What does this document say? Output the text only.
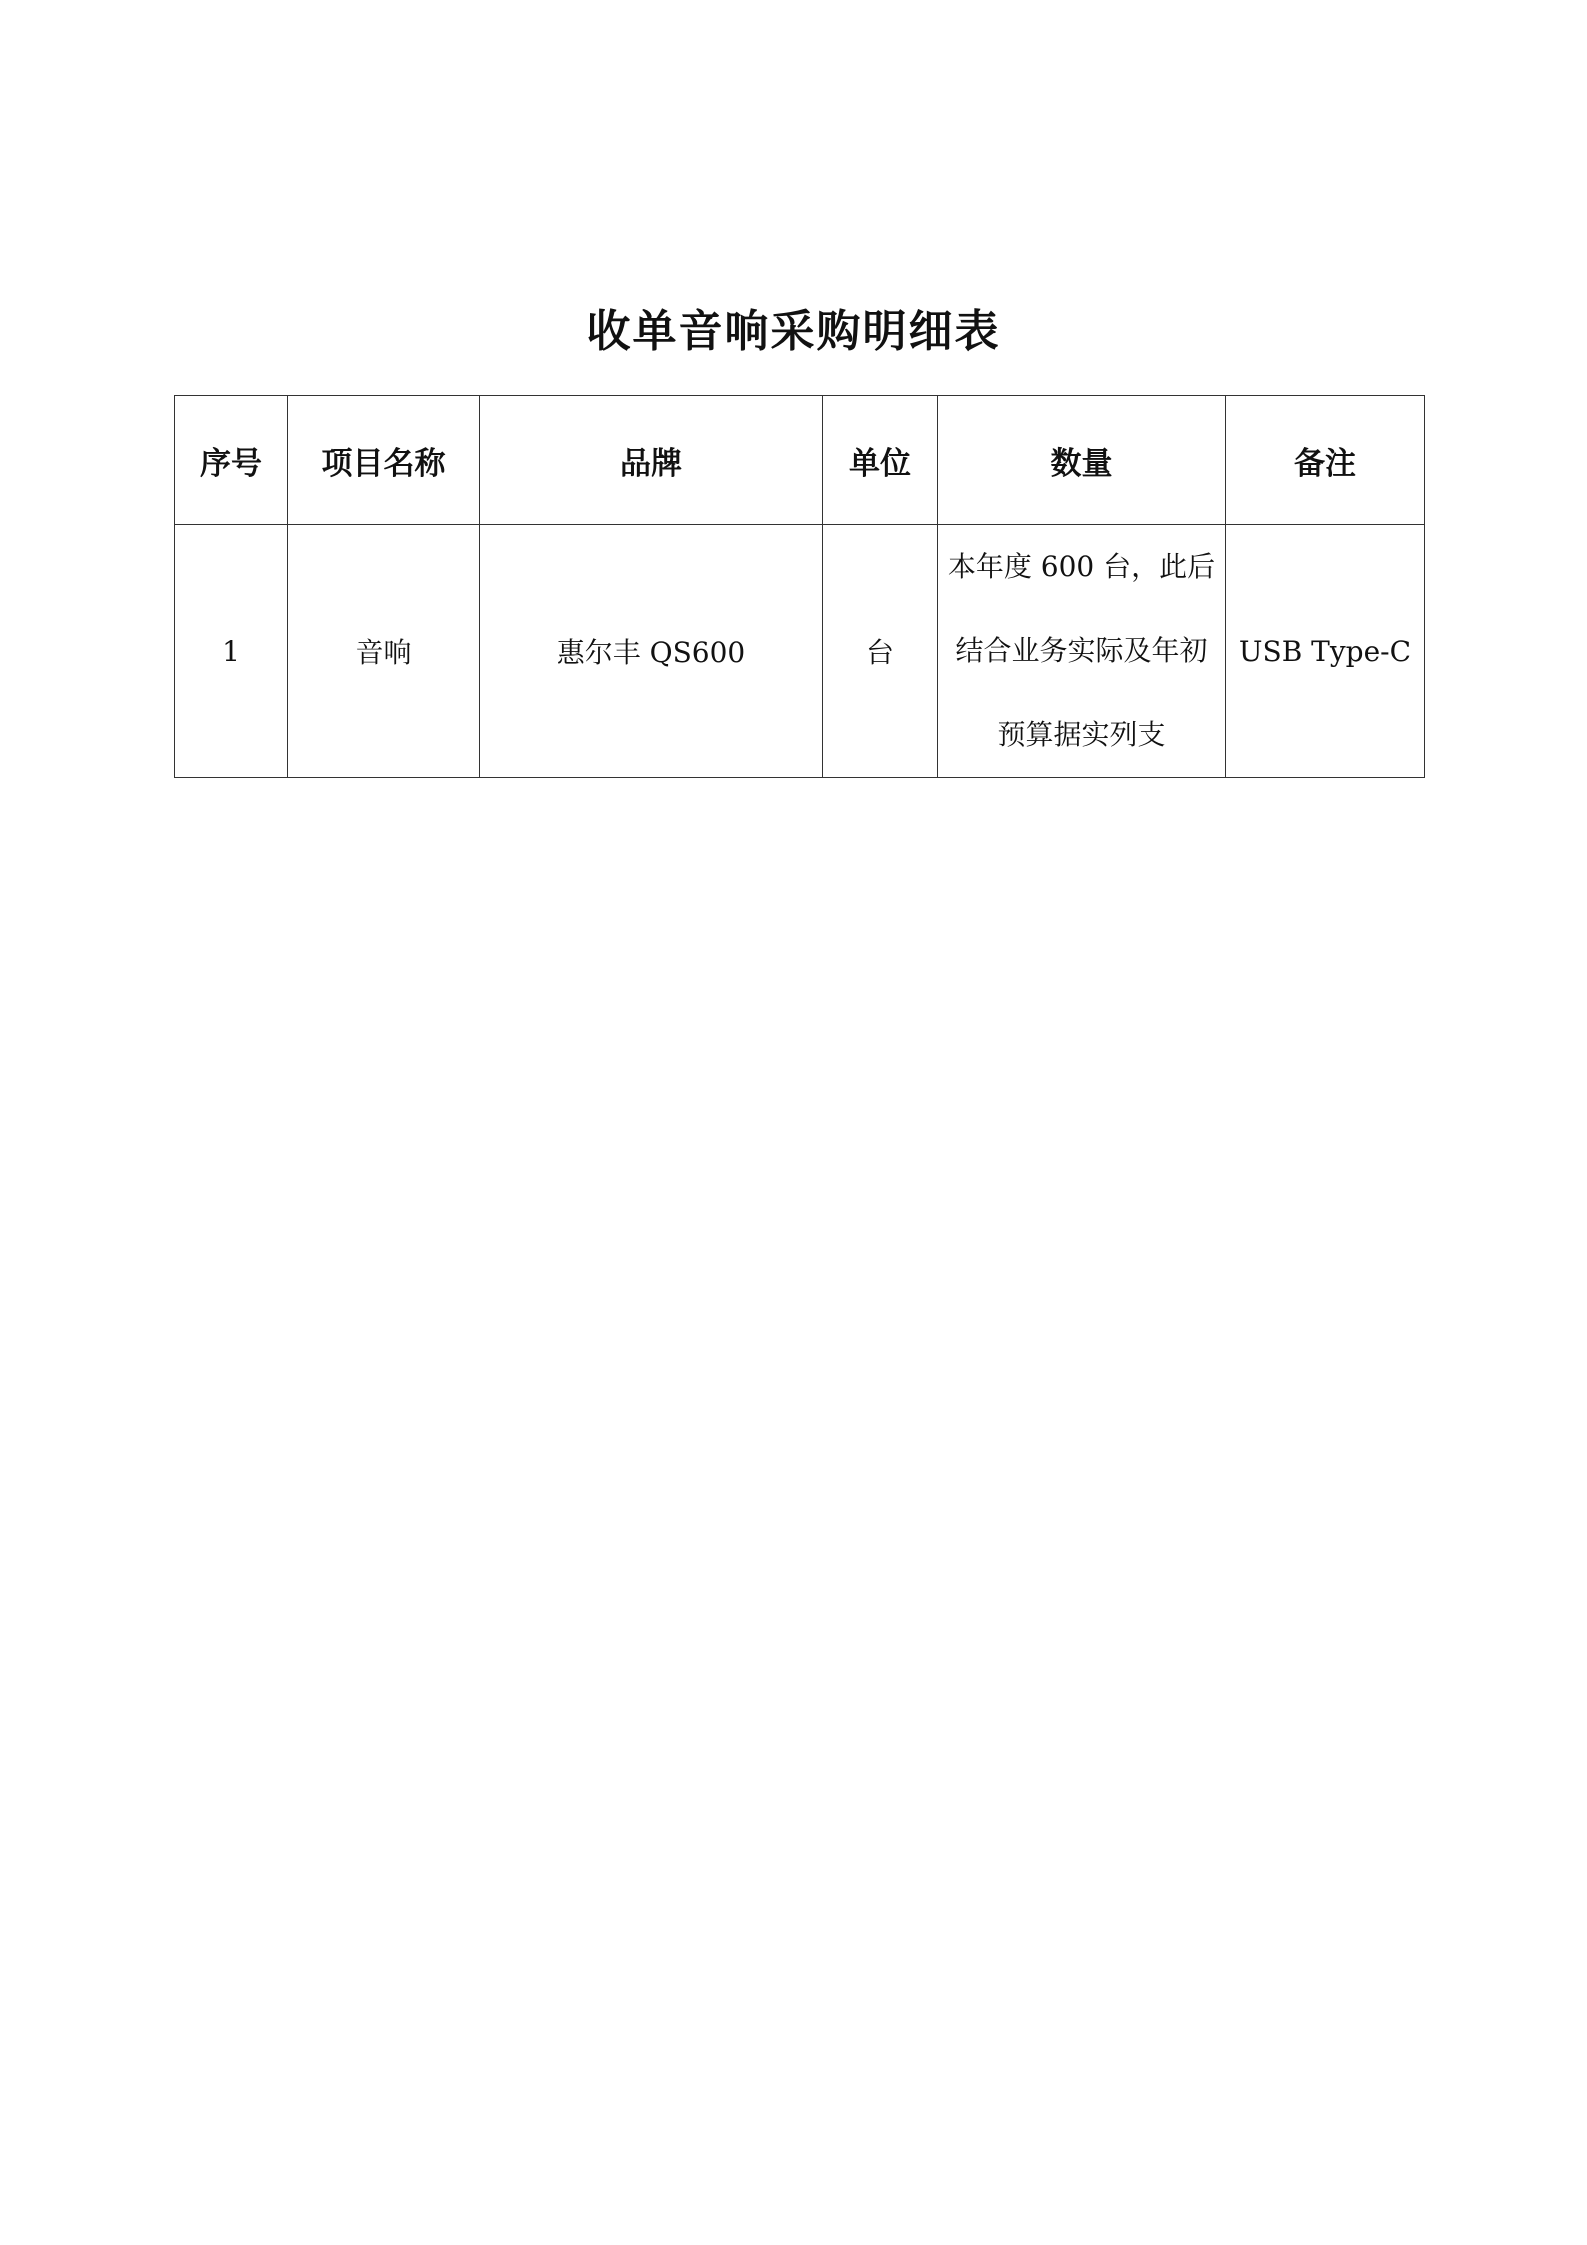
收单音响采购明细表
序号	项目名称	品牌	单位	数量	备注
1	音响	惠尔丰 QS600	台	本年度 600 台，此后结合业务实际及年初预算据实列支	USB Type-C
